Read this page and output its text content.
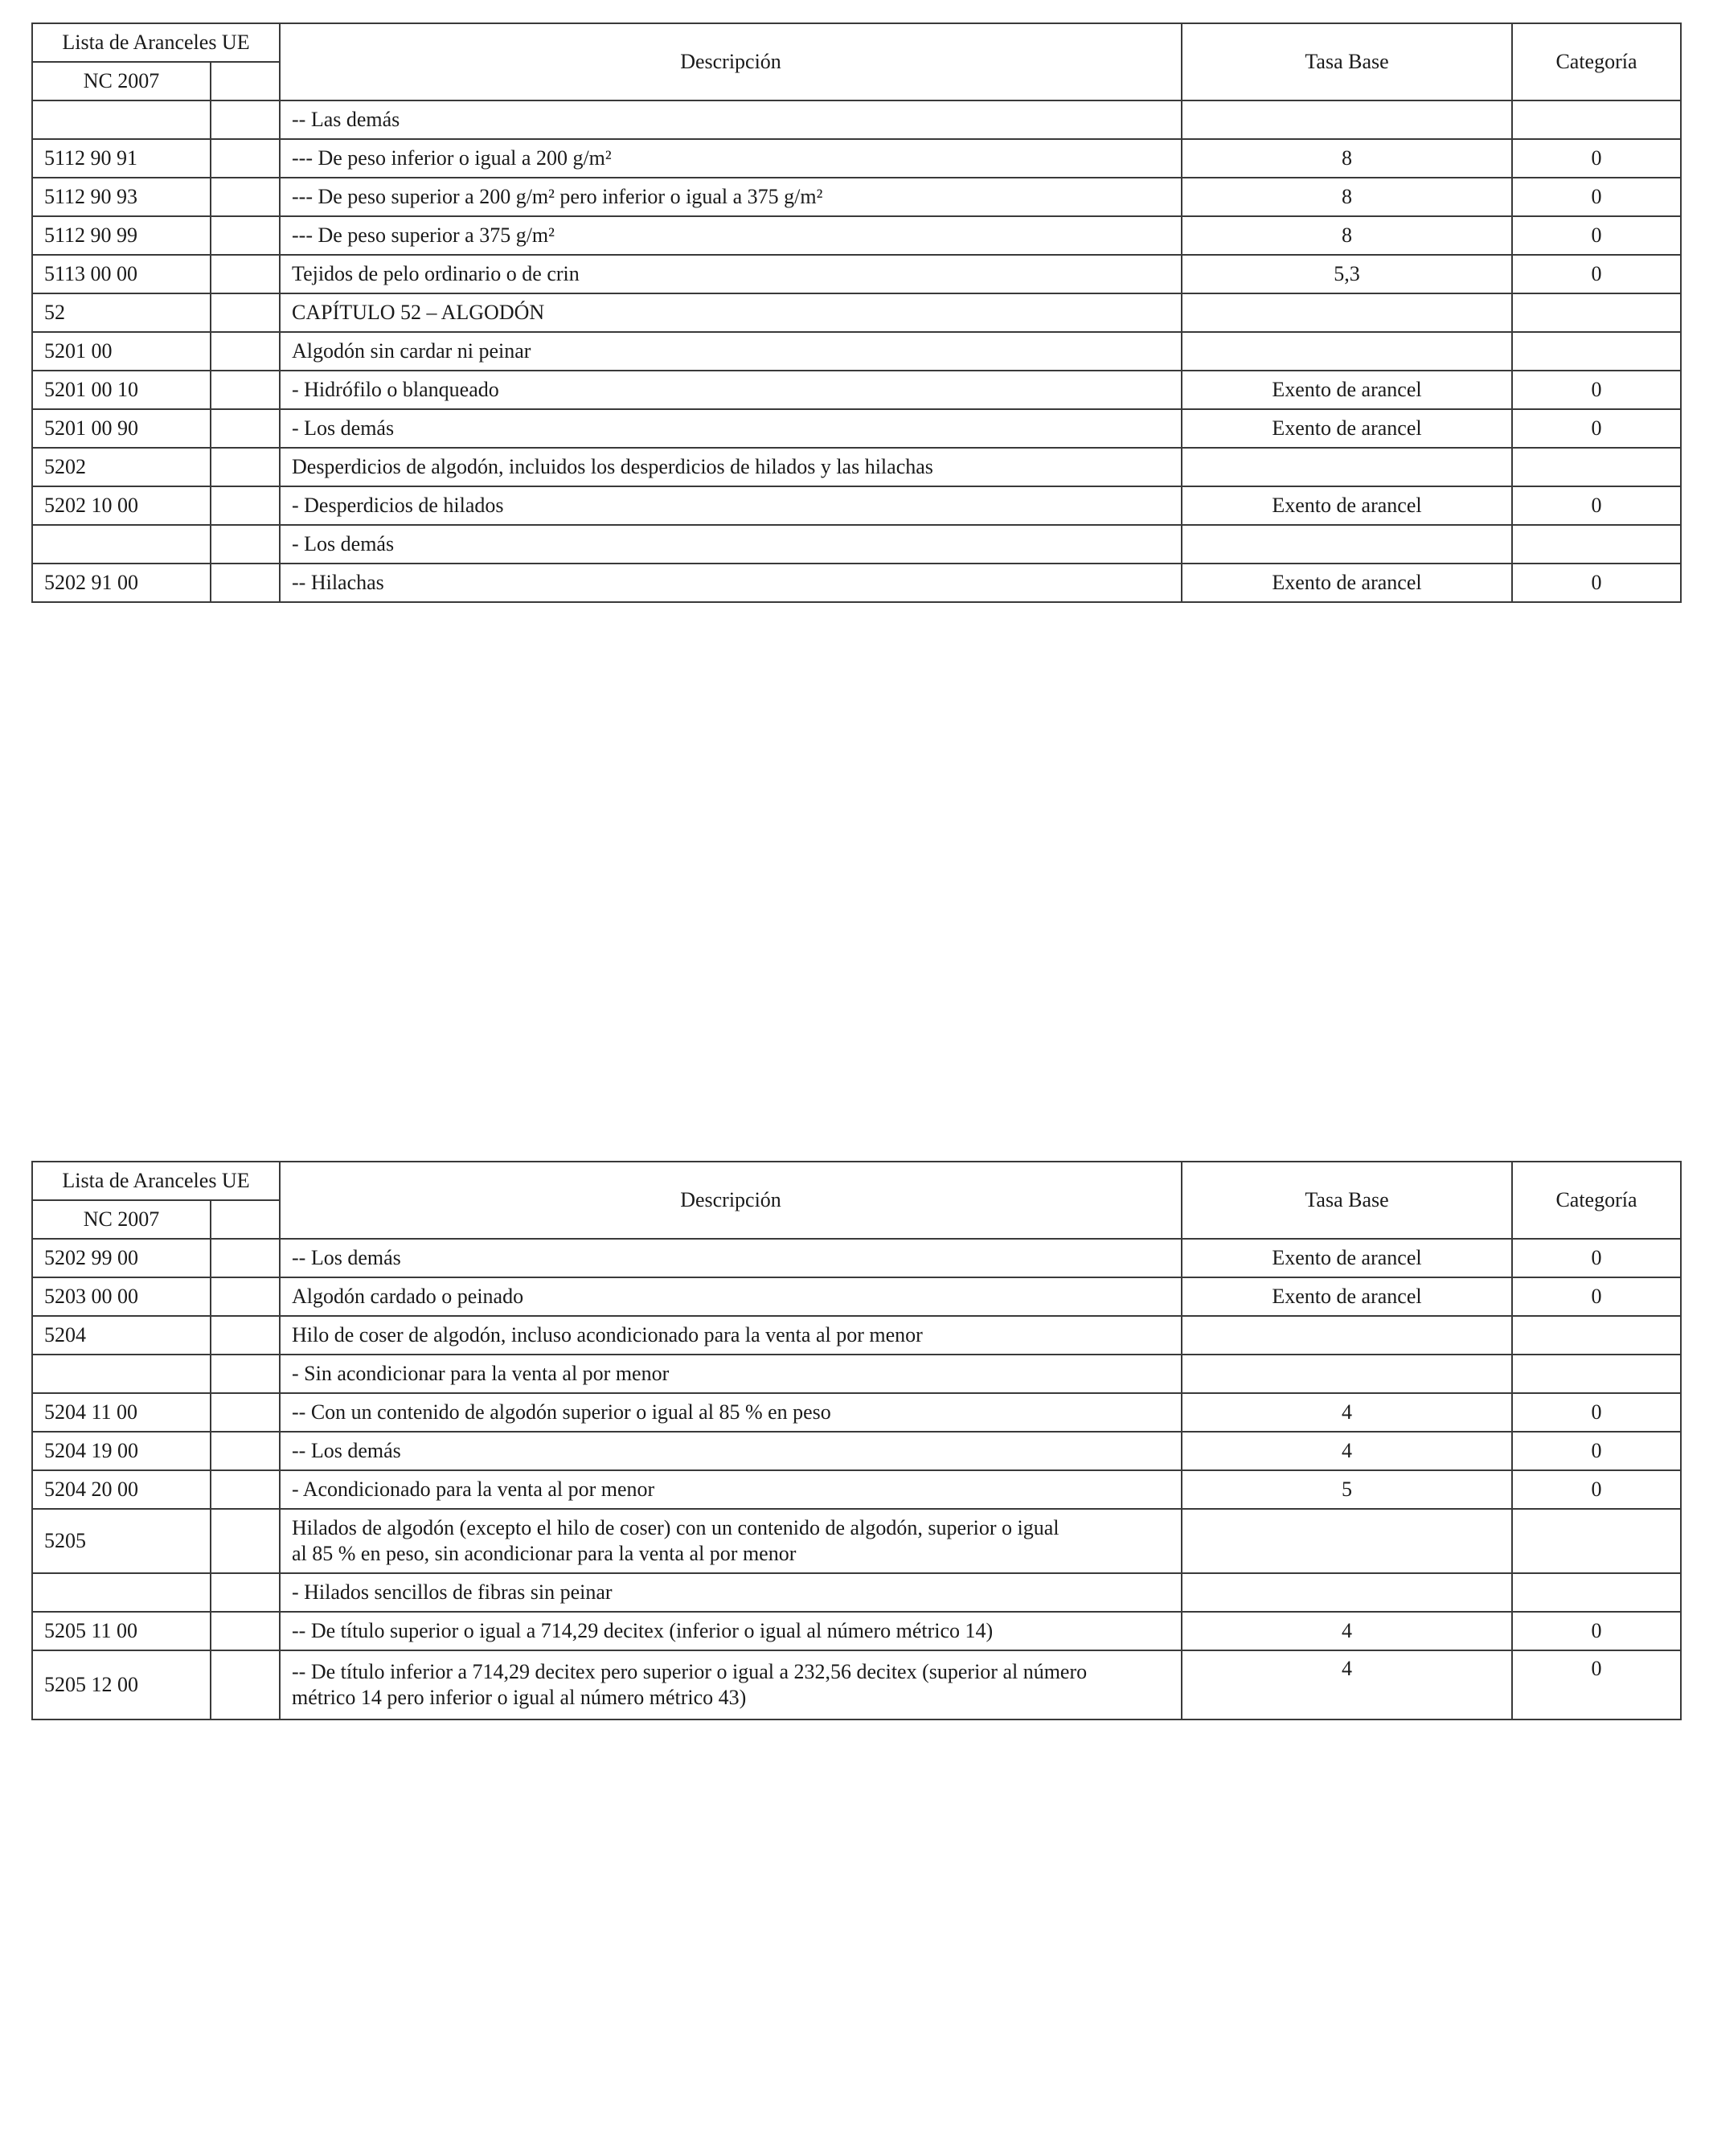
Lista de Aranceles UE		Descripción	Tasa Base	Categoría
NC 2007				
		-- Las demás		
5112 90 91		--- De peso inferior o igual a 200 g/m²	8	0
5112 90 93		--- De peso superior a 200 g/m² pero inferior o igual a 375 g/m²	8	0
5112 90 99		--- De peso superior a 375 g/m²	8	0
5113 00 00		Tejidos de pelo ordinario o de crin	5,3	0
52		CAPÍTULO 52 – ALGODÓN		
5201 00		Algodón sin cardar ni peinar		
5201 00 10		- Hidrófilo o blanqueado	Exento de arancel	0
5201 00 90		- Los demás	Exento de arancel	0
5202		Desperdicios de algodón, incluidos los desperdicios de hilados y las hilachas		
5202 10 00		- Desperdicios de hilados	Exento de arancel	0
		- Los demás		
5202 91 00		-- Hilachas	Exento de arancel	0
Lista de Aranceles UE		Descripción	Tasa Base	Categoría
NC 2007				
5202 99 00		-- Los demás	Exento de arancel	0
5203 00 00		Algodón cardado o peinado	Exento de arancel	0
5204		Hilo de coser de algodón, incluso acondicionado para la venta al por menor		
		- Sin acondicionar para la venta al por menor		
5204 11 00		-- Con un contenido de algodón superior o igual al 85 % en peso	4	0
5204 19 00		-- Los demás	4	0
5204 20 00		- Acondicionado para la venta al por menor	5	0
5205		Hilados de algodón (excepto el hilo de coser) con un contenido de algodón, superior o igual
al 85 % en peso, sin acondicionar para la venta al por menor		

		- Hilados sencillos de fibras sin peinar		
5205 11 00		-- De título superior o igual a 714,29 decitex (inferior o igual al número métrico 14)	4	0
5205 12 00		-- De título inferior a 714,29 decitex pero superior o igual a 232,56 decitex (superior al número
métrico 14 pero inferior o igual al número métrico 43)	4	0
